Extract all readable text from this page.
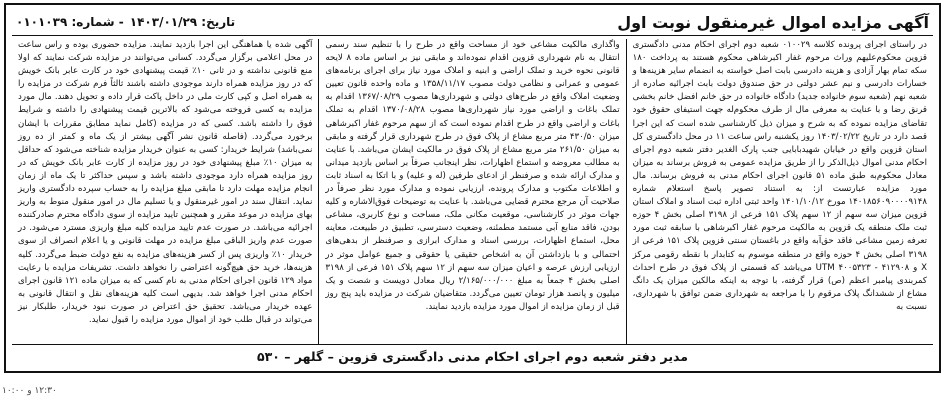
آگهی مزایده اموال غیرمنقول نوبت اول
تاریخ: ۱۴۰۳/۰۱/۲۹
- شماره: ۰۱۰۱۰۳۹
در راستای اجرای پرونده کلاسه ۰۱۰۰۲۹ شعبه دوم اجرای احکام مدنی دادگستری قزوین محکوم‌علیهم وراث مرحوم غفار اکبرشاهی محکوم هستند به پرداخت ۱۸۰ سکه تمام بهار آزادی و هزینه دادرسی بابت اصل خواسته به انضمام سایر هزینه‌ها و خسارات دادرسی و نیم عشر دولتی در حق صندوق دولت بابت اجرائیه صادره از شعبه نهم (شعبه سوم خانواده جدید) دادگاه خانواده در حق خانم افضل خانم بخشی قرنق رضا و با عنایت به معرفی مال از طرف محکوم‌له جهت استیفای حقوق خود تقاضای مزایده نموده که به شرح و میزان ذیل کارشناسی شده است که این اجرا قصد دارد در تاریخ ۱۴۰۳/۰۲/۲۲ روز یکشنبه راس ساعت ۱۱ در محل دادگستری کل استان قزوین واقع در خیابان شهیدبابایی جنب پارک الغدیر دفتر شعبه دوم اجرای احکام مدنی اموال ذیل‌الذکر را از طریق مزایده عمومی به فروش برساند به میزان معادل محکوم‌به طبق ماده ۵۱ قانون اجرای احکام مدنی به فروش برساند. مال مورد مزایده عبارتست از: به استناد تصویر پاسخ استعلام شماره ۱۴۰۱۸۵۶۰۹۰۰۰۰۹۱۴۸ مورخ ۱۴۰۱/۱۰/۱۲ واحد ثبتی اداره ثبت اسناد و املاک استان قزوین میزان سه سهم از ۱۲ سهم پلاک ۱۵۱ فرعی از ۳۱۹۸ اصلی بخش ۴ حوزه ثبت ملک منطقه یک قزوین به مالکیت مرحوم غفار اکبرشاهی با سابقه ثبت مورد تعرفه زمین مشاعی فاقد حق‌آبه واقع در باغستان سنتی قزوین پلاک ۱۵۱ فرعی از ۳۱۹۸ اصلی بخش ۴ حوزه واقع در منطقه موسوم به کتابدار با نقطه رقومی مرکز X و ۴۱۲۹۰۸ - ۴۰۰۵۳۲۳ UTM می‌باشد که قسمتی از پلاک فوق در طرح احداث کمربندی پیامبر اعظم (ص) قرار گرفته، با توجه به اینکه مالکین میزان یک دانگ مشاع از ششدانگ پلاک مرقوم را با مراجعه به شهرداری ضمن توافق با شهرداری، نسبت به
واگذاری مالکیت مشاعی خود از مساحت واقع در طرح را با تنظیم سند رسمی انتقال به نام شهرداری قزوین اقدام نموده‌اند و مابقی نیز بر اساس ماده ۸ لایحه قانونی نحوه خرید و تملک اراضی و ابنیه و املاک مورد نیاز برای اجرای برنامه‌های عمومی و عمرانی و نظامی دولت مصوب ۱۳۵۸/۱۱/۱۷ و ماده واحده قانون تعیین وضعیت املاک واقع در طرح‌های دولتی و شهرداری‌ها مصوب ۱۳۶۷/۰۸/۲۹ اقدام به تملک باغات و اراضی مورد نیاز شهرداری‌ها مصوب ۱۳۷۰/۰۸/۲۸ اقدام به تملک باغات و اراضی واقع در طرح اقدام نموده است که از سهم مرحوم غفار اکبرشاهی میزان ۴۳۰/۵۰ متر مربع مشاع از پلاک فوق در طرح شهرداری قرار گرفته و مابقی به میزان ۲۶۱/۵۰ متر مربع مشاع از پلاک فوق در مالکیت ایشان می‌باشد. با عنایت به مطالب معروضه و استماع اظهارات، نظر اینجانب صرفاً بر اساس بازدید میدانی و مدارک ارائه شده و صرفنظر از ادعای طرفین (له و علیه) و با اتکا به اسناد ثابت و اطلاعات مکتوب و مدارک پرونده، ارزیابی نموده و مدارک مورد نظر صرفاً در صلاحیت آن مرجع محترم قضایی می‌باشد. با عنایت به توضیحات فوق‌الاشاره و کلیه جهات موثر در کارشناسی، موقعیت مکانی ملک، مساحت و نوع کاربری، مشاعی بودن، فاقد منابع آبی مستمد مطمئنه، وضعیت دسترسی، تطبیق در طبیعت، معاینه محل، استماع اظهارات، بررسی اسناد و مدارک ابرازی و صرفنظر از بدهی‌های احتمالی و با بازداشتن آن به اشخاص حقیقی یا حقوقی و جمیع عوامل موثر در ارزیابی ارزش عرصه و اعیان میزان سه سهم از ۱۲ سهم پلاک ۱۵۱ فرعی از ۳۱۹۸ اصلی بخش ۴ جمعاً به مبلغ ۲/۱۶۵/۰۰۰/۰۰۰ ریال معادل دویست و شصت و یک میلیون و پانصد هزار تومان تعیین می‌گردد. متقاضیان شرکت در مزایده باید پنج روز قبل از زمان مزایده از اموال مورد مزایده بازدید نمایند.
آگهی شده یا هماهنگی این اجرا بازدید نمایند. مزایده حضوری بوده و راس ساعت در محل اعلامی برگزار می‌گردد. کسانی می‌توانند در مزایده شرکت نمایند که اولا منع قانونی نداشته و در ثانی ۱۰٪ قیمت پیشنهادی خود در کارت عابر بانک خویش که در روز مزایده همراه دارند موجودی داشته باشند ثالثاً فرم شرکت در مزایده را به همراه اصل و کپی کارت ملی در داخل پاکت قرار داده و تحویل دهند. مال مورد مزایده به کسی فروخته می‌شود که بالاترین قیمت پیشنهادی را داشته و شرایط فوق را داشته باشد. کسی که در مزایده (کامل نماید مطابق مقررات با ایشان برخورد می‌گردد. (فاصله قانون نشر آگهی بیشتر از یک ماه و کمتر از ده روز نمی‌باشد) شرایط خریدار: کسی به عنوان خریدار مزایده شناخته می‌شود که حداقل به میزان ۱۰٪ مبلغ پیشنهادی خود در روز مزایده از کارت عابر بانک خویش که در روز مزایده همراه دارد موجودی داشته باشد و سپس حداکثر تا یک ماه از زمان انجام مزایده مهلت دارد تا مابقی مبلغ مزایده را به حساب سپرده دادگستری واریز نماید. انتقال سند در امور غیرمنقول و یا تسلیم مال در امور منقول منوط به واریز بهای مزایده در موعد مقرر و همچنین تایید مزایده از سوی دادگاه محترم صادرکننده اجرائیه می‌باشد. در صورت عدم تایید مزایده کلیه مبلغ واریزی مسترد می‌شود. در صورت عدم واریز الباقی مبلغ مزایده در مهلت قانونی و یا اعلام انصراف از سوی خریدار ۱۰٪ واریزی پس از کسر هزینه‌های مزایده به نفع دولت ضبط می‌گردد. کلیه هزینه‌ها، خرید حق هیچ‌گونه اعتراضی را نخواهد داشت. تشریفات مزایده با رعایت مواد ۱۲۹ قانون اجرای احکام مدنی به نام کسی که به میزان ماده ۱۲۱ قانون اجرای احکام مدنی اجرا خواهد شد. بدیهی است کلیه هزینه‌های نقل و انتقال قانونی به عهده خریدار می‌باشد. تحقیق حق اعتراض در صورت نبود خریدار، طلبکار نیز می‌تواند در قبال طلب خود از اموال مورد مزایده را قبول نماید.
مدیر دفتر شعبه دوم اجرای احکام مدنی دادگستری قزوین – گلهر – ۵۳۰
۱۲:۳۰ و ۱۰:۰۰
